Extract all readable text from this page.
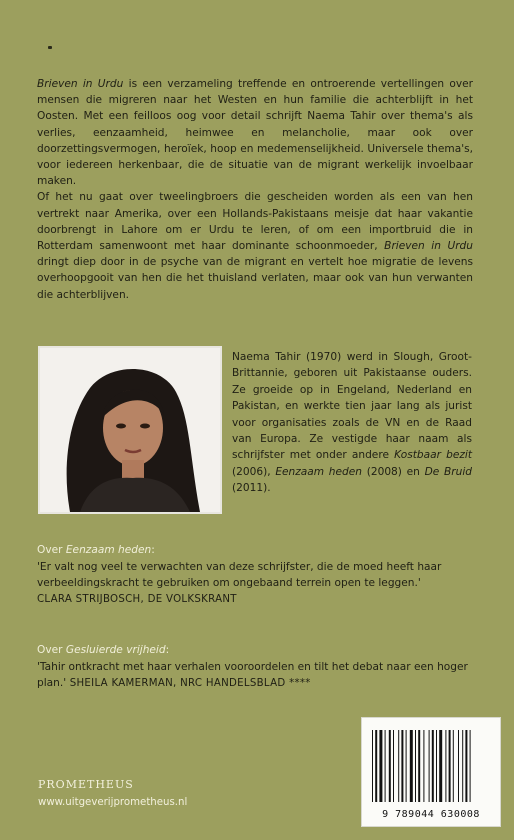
Brieven in Urdu is een verzameling treffende en ontroerende vertellingen over mensen die migreren naar het Westen en hun familie die achterblijft in het Oosten. Met een feilloos oog voor detail schrijft Naema Tahir over thema's als verlies, eenzaamheid, heimwee en melancholie, maar ook over doorzettingsvermogen, heroïek, hoop en medemenselijkheid. Universele thema's, voor iedereen herkenbaar, die de situatie van de migrant werkelijk invoelbaar maken.

Of het nu gaat over tweelingbroers die gescheiden worden als een van hen vertrekt naar Amerika, over een Hollands-Pakistaans meisje dat haar vakantie doorbrengt in Lahore om er Urdu te leren, of om een importbruid die in Rotterdam samenwoont met haar dominante schoonmoeder, Brieven in Urdu dringt diep door in de psyche van de migrant en vertelt hoe migratie de levens overhoopgooit van hen die het thuisland verlaten, maar ook van hun verwanten die achterblijven.

Naema Tahir (1970) werd in Slough, Groot-Brittannie, geboren uit Pakistaanse ouders. Ze groeide op in Engeland, Nederland en Pakistan, en werkte tien jaar lang als jurist voor organisaties zoals de VN en de Raad van Europa. Ze vestigde haar naam als schrijfster met onder andere Kostbaar bezit (2006), Eenzaam heden (2008) en De Bruid (2011).
Over Eenzaam heden:
'Er valt nog veel te verwachten van deze schrijfster, die de moed heeft haar verbeeldingskracht te gebruiken om ongebaand terrein open te leggen.'
CLARA STRIJBOSCH, DE VOLKSKRANT
Over Gesluierde vrijheid:
'Tahir ontkracht met haar verhalen vooroordelen en tilt het debat naar een hoger plan.' SHEILA KAMERMAN, NRC HANDELSBLAD ****
PROMETHEUS
www.uitgeverijprometheus.nl
9 789044 630008
